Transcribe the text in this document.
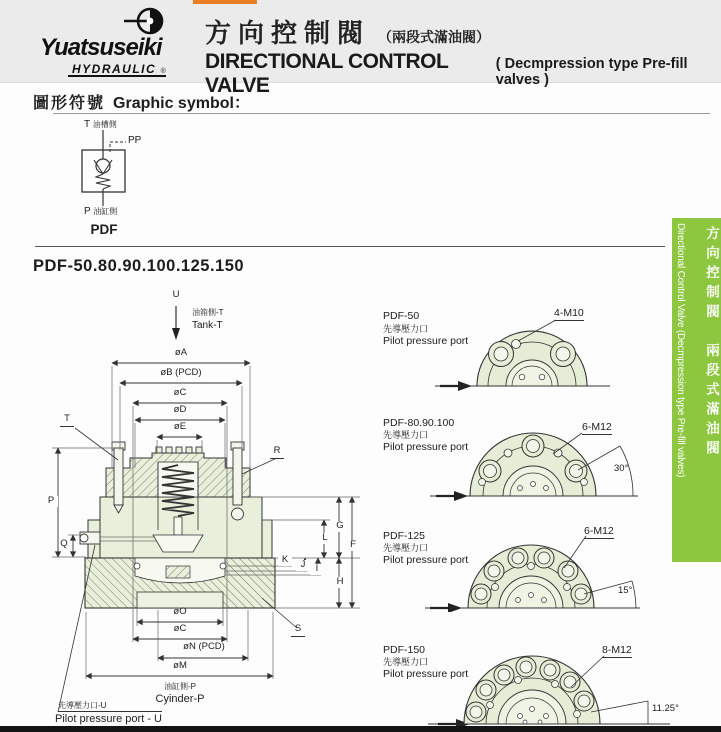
Yuatsuseiki
HYDRAULIC ®
方向控制閥 （兩段式滿油閥）
DIRECTIONAL CONTROL VALVE
( Decmpression type Pre-fill valves )
圖形符號 Graphic symbol：
T 油槽側
PP
P 油缸側
PDF
PDF-50.80.90.100.125.150
U
油箱側-T
Tank-T
øA
øB (PCD)
øC
øD
øE
T
R
P
Q
G
F
L
K	J	I
H
S
øO
øC
øN (PCD)
øM
油缸側-P
Cyinder-P
先導壓力口-U
Pilot pressure port - U
PDF-50
先導壓力口
Pilot pressure port
4-M10
PDF-80.90.100
先導壓力口
Pilot pressure port
6-M12
30°
PDF-125
先導壓力口
Pilot pressure port
6-M12
15°
PDF-150
先導壓力口
Pilot pressure port
8-M12
11.25°
方向控制閥　兩段式滿油閥
Directional Control Valve (Decmpression type Pre-fill valves)
